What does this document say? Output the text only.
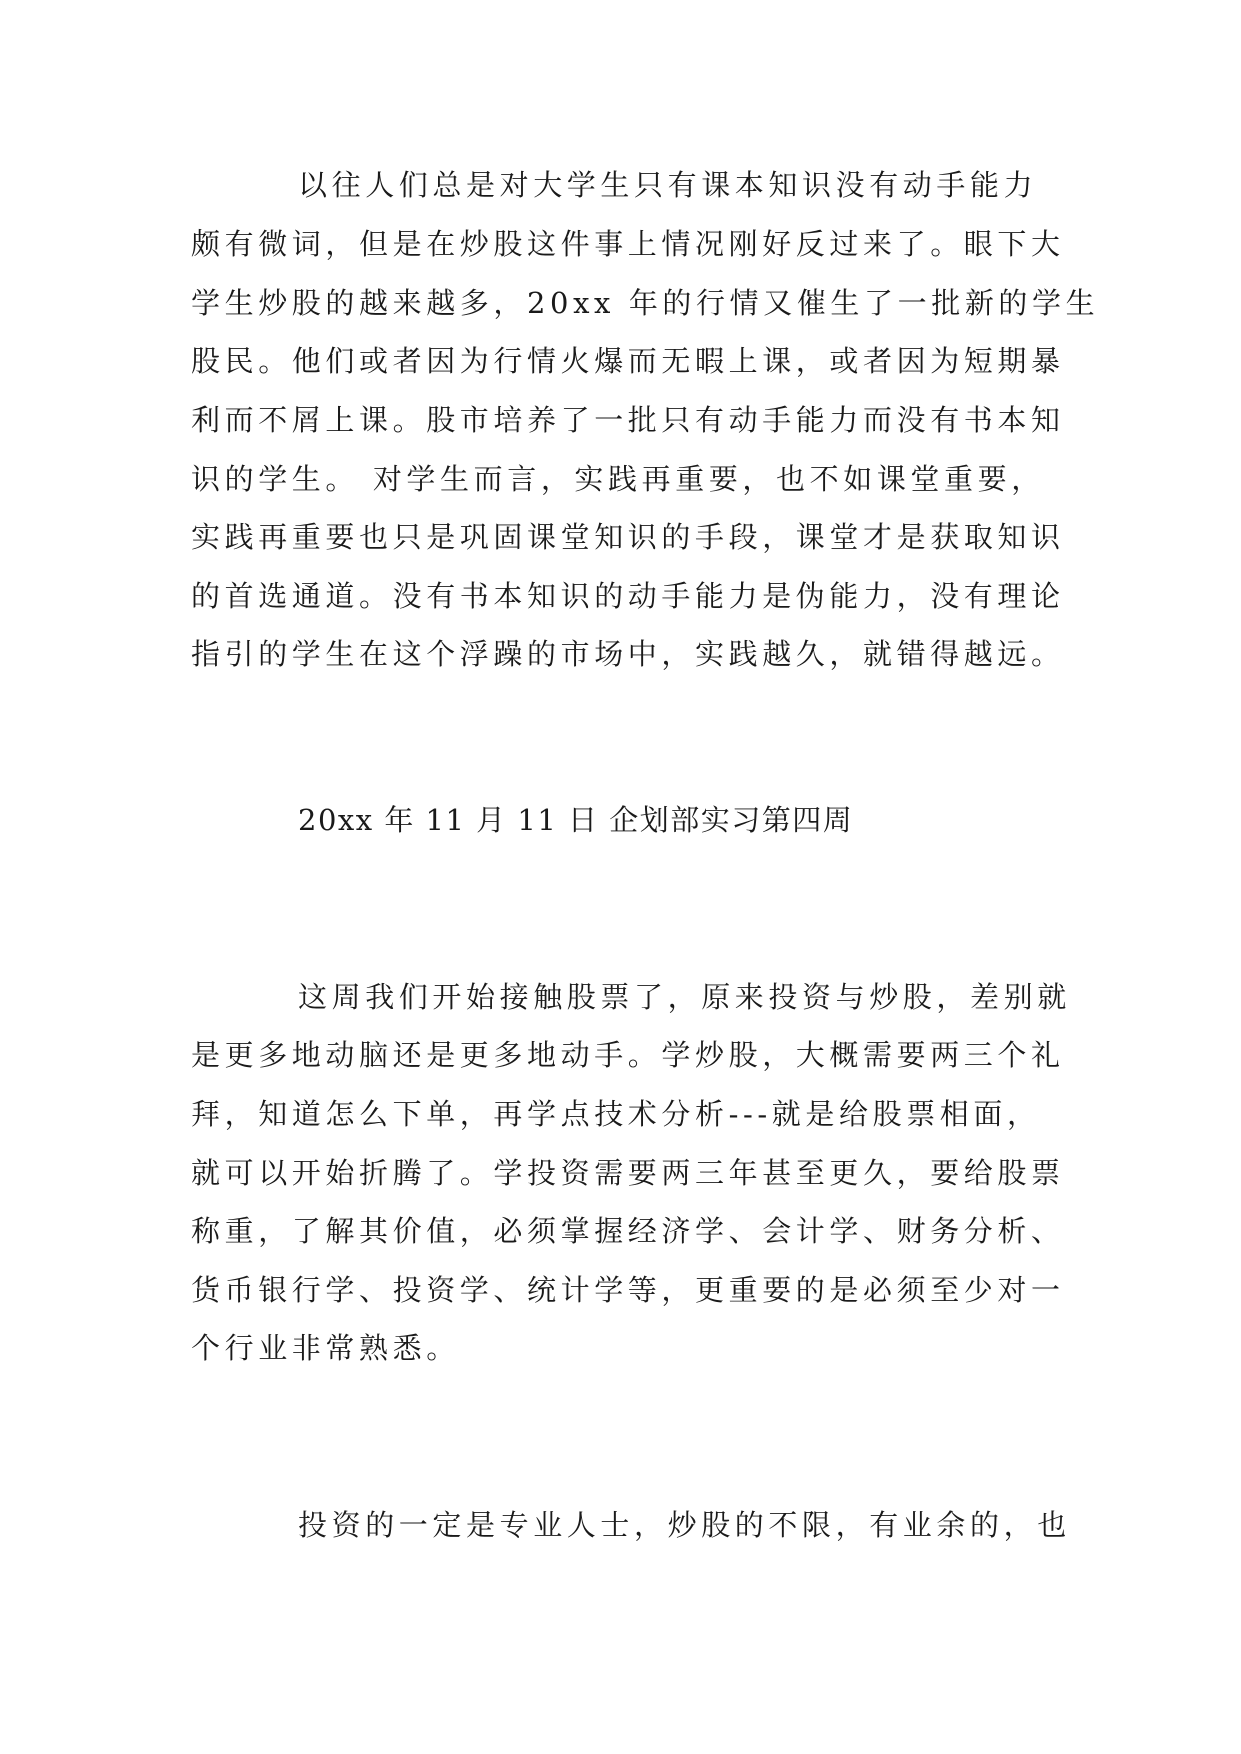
以往人们总是对大学生只有课本知识没有动手能力
颇有微词，但是在炒股这件事上情况刚好反过来了。眼下大
学生炒股的越来越多，20xx 年的行情又催生了一批新的学生
股民。他们或者因为行情火爆而无暇上课，或者因为短期暴
利而不屑上课。股市培养了一批只有动手能力而没有书本知
识的学生。 对学生而言，实践再重要，也不如课堂重要，
实践再重要也只是巩固课堂知识的手段，课堂才是获取知识
的首选通道。没有书本知识的动手能力是伪能力，没有理论
指引的学生在这个浮躁的市场中，实践越久，就错得越远。
20xx 年 11 月 11 日 企划部实习第四周
这周我们开始接触股票了，原来投资与炒股，差别就
是更多地动脑还是更多地动手。学炒股，大概需要两三个礼
拜，知道怎么下单，再学点技术分析---就是给股票相面，
就可以开始折腾了。学投资需要两三年甚至更久，要给股票
称重，了解其价值，必须掌握经济学、会计学、财务分析、
货币银行学、投资学、统计学等，更重要的是必须至少对一
个行业非常熟悉。
投资的一定是专业人士，炒股的不限，有业余的，也
